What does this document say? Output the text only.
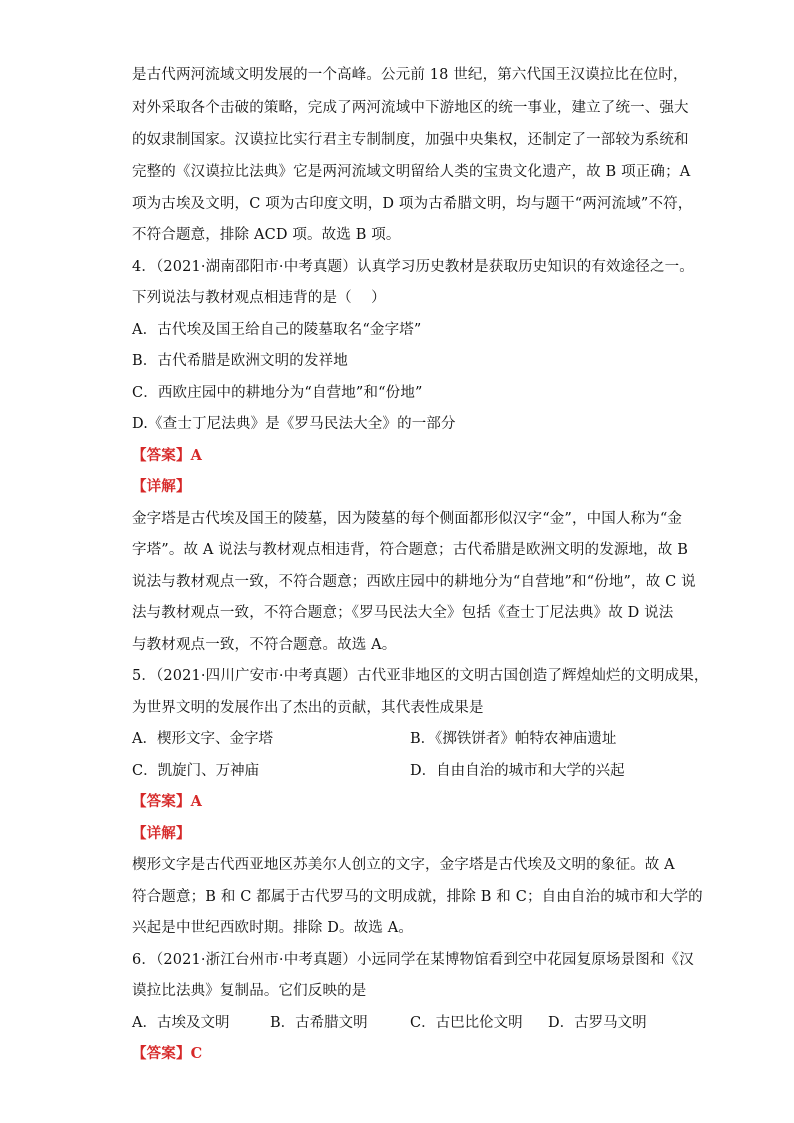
是古代两河流域文明发展的一个高峰。公元前 18 世纪，第六代国王汉谟拉比在位时，
对外采取各个击破的策略，完成了两河流域中下游地区的统一事业，建立了统一、强大
的奴隶制国家。汉谟拉比实行君主专制制度，加强中央集权，还制定了一部较为系统和
完整的《汉谟拉比法典》它是两河流域文明留给人类的宝贵文化遗产，故 B 项正确；A
项为古埃及文明，C 项为古印度文明，D 项为古希腊文明，均与题干“两河流域”不符，
不符合题意，排除 ACD 项。故选 B 项。
4．（2021·湖南邵阳市·中考真题）认真学习历史教材是获取历史知识的有效途径之一。
下列说法与教材观点相违背的是（　 ）
A．古代埃及国王给自己的陵墓取名“金字塔”
B．古代希腊是欧洲文明的发祥地
C．西欧庄园中的耕地分为“自营地”和“份地”
D.《查士丁尼法典》是《罗马民法大全》的一部分
【答案】A
【详解】
金字塔是古代埃及国王的陵墓，因为陵墓的每个侧面都形似汉字“金”，中国人称为“金
字塔”。故 A 说法与教材观点相违背，符合题意；古代希腊是欧洲文明的发源地，故 B
说法与教材观点一致，不符合题意；西欧庄园中的耕地分为“自营地”和“份地”，故 C 说
法与教材观点一致，不符合题意；《罗马民法大全》包括《查士丁尼法典》故 D 说法
与教材观点一致，不符合题意。故选 A。
5．（2021·四川广安市·中考真题）古代亚非地区的文明古国创造了辉煌灿烂的文明成果，
为世界文明的发展作出了杰出的贡献，其代表性成果是
A．楔形文字、金字塔	B．《掷铁饼者》帕特农神庙遗址
C．凯旋门、万神庙	D．自由自治的城市和大学的兴起
【答案】A
【详解】
楔形文字是古代西亚地区苏美尔人创立的文字，金字塔是古代埃及文明的象征。故 A
符合题意；B 和 C 都属于古代罗马的文明成就，排除 B 和 C；自由自治的城市和大学的
兴起是中世纪西欧时期。排除 D。故选 A。
6．（2021·浙江台州市·中考真题）小远同学在某博物馆看到空中花园复原场景图和《汉
谟拉比法典》复制品。它们反映的是
A．古埃及文明	B．古希腊文明	C．古巴比伦文明 D．古罗马文明
【答案】C
